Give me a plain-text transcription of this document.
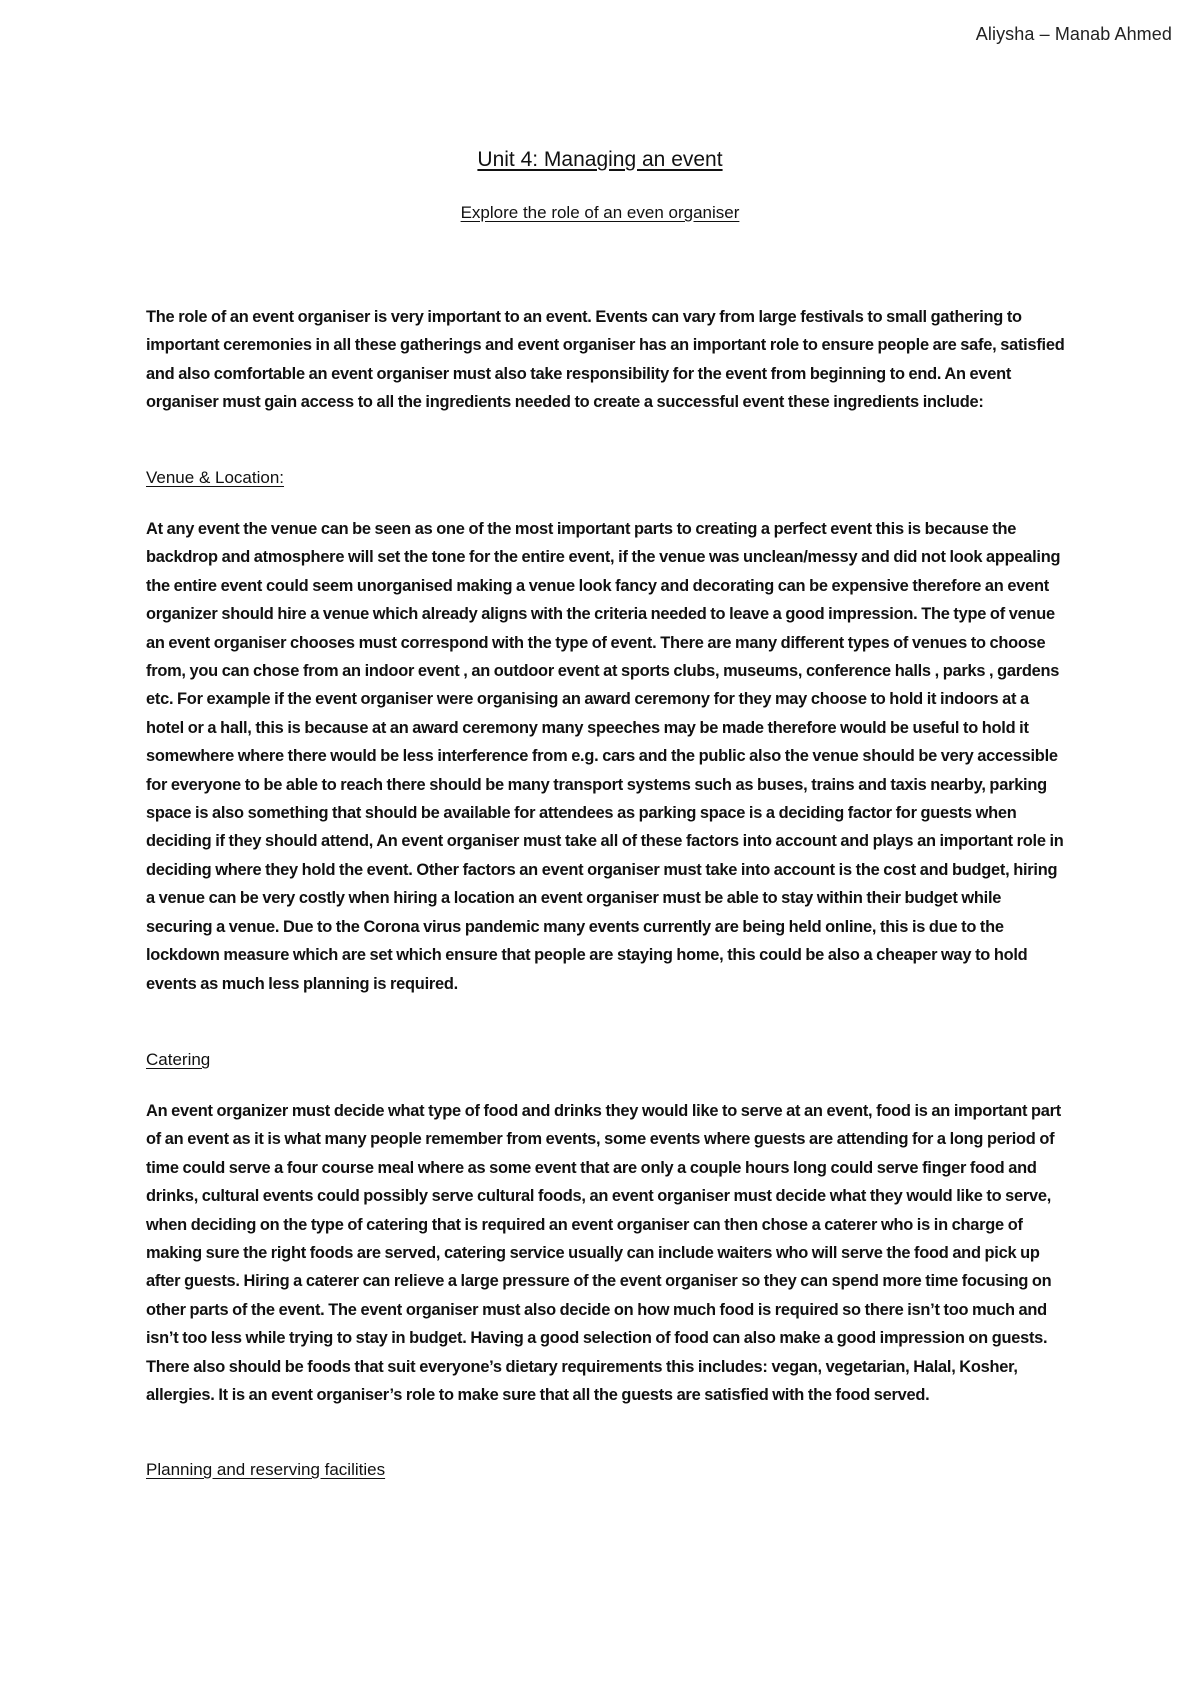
Aliysha – Manab Ahmed
Unit 4: Managing an event
Explore the role of an even organiser

The role of an event organiser is very important to an event. Events can vary from large festivals to small gathering to important ceremonies in all these gatherings and event organiser has an important role to ensure people are safe, satisfied and also comfortable an event organiser must also take responsibility for the event from beginning to end. An event organiser must gain access to all the ingredients needed to create a successful event these ingredients include:

Venue & Location:

At any event the venue can be seen as one of the most important parts to creating a perfect event this is because the backdrop and atmosphere will set the tone for the entire event, if the venue was unclean/messy and did not look appealing the entire event could seem unorganised making a venue look fancy and decorating can be expensive therefore an event organizer should hire a venue which already aligns with the criteria needed to leave a good impression. The type of venue an event organiser chooses must correspond with the type of event. There are many different types of venues to choose from, you can chose from an indoor event , an outdoor event at sports clubs, museums, conference halls , parks , gardens etc. For example if the event organiser were organising an award ceremony for they may choose to hold it indoors at a hotel or a hall, this is because at an award ceremony many speeches may be made therefore would be useful to hold it somewhere where there would be less interference from e.g. cars and the public also the venue should be very accessible for everyone to be able to reach there should be many transport systems such as buses, trains and taxis nearby, parking space is also something that should be available for attendees as parking space is a deciding factor for guests when deciding if they should attend, An event organiser must take all of these factors into account and plays an important role in deciding where they hold the event. Other factors an event organiser must take into account is the cost and budget, hiring a venue can be very costly when hiring a location an event organiser must be able to stay within their budget while securing a venue. Due to the Corona virus pandemic many events currently are being held online, this is due to the lockdown measure which are set which ensure that people are staying home, this could be also a cheaper way to hold events as much less planning is required.

Catering

An event organizer must decide what type of food and drinks they would like to serve at an event, food is an important part of an event as it is what many people remember from events, some events where guests are attending for a long period of time could serve a four course meal where as some event that are only a couple hours long could serve finger food and drinks, cultural events could possibly serve cultural foods, an event organiser must decide what they would like to serve, when deciding on the type of catering that is required an event organiser can then chose a caterer who is in charge of making sure the right foods are served, catering service usually can include waiters who will serve the food and pick up after guests. Hiring a caterer can relieve a large pressure of the event organiser so they can spend more time focusing on other parts of the event. The event organiser must also decide on how much food is required so there isn’t too much and isn’t too less while trying to stay in budget. Having a good selection of food can also make a good impression on guests. There also should be foods that suit everyone’s dietary requirements this includes: vegan, vegetarian, Halal, Kosher, allergies. It is an event organiser’s role to make sure that all the guests are satisfied with the food served.

Planning and reserving facilities
